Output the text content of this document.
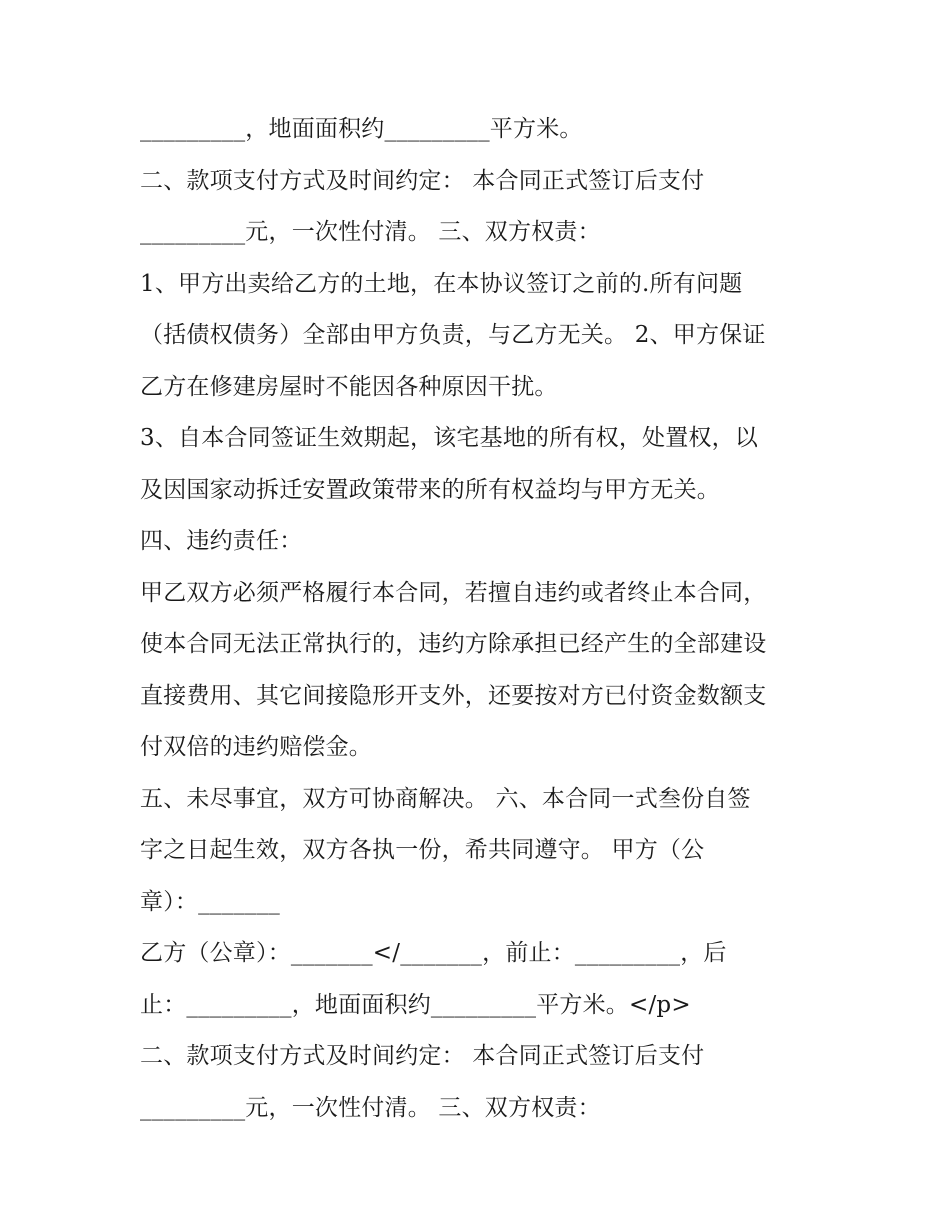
_________，地面面积约_________平方米。
二、款项支付方式及时间约定： 本合同正式签订后支付
_________元，一次性付清。 三、双方权责：
1、甲方出卖给乙方的土地，在本协议签订之前的.所有问题
（括债权债务）全部由甲方负责，与乙方无关。 2、甲方保证
乙方在修建房屋时不能因各种原因干扰。
3、自本合同签证生效期起，该宅基地的所有权，处置权，以
及因国家动拆迁安置政策带来的所有权益均与甲方无关。
四、违约责任：
甲乙双方必须严格履行本合同，若擅自违约或者终止本合同，
使本合同无法正常执行的，违约方除承担已经产生的全部建设
直接费用、其它间接隐形开支外，还要按对方已付资金数额支
付双倍的违约赔偿金。
五、未尽事宜，双方可协商解决。 六、本合同一式叁份自签
字之日起生效，双方各执一份，希共同遵守。 甲方（公
章）：_______
乙方（公章）：_______</_______，前止：_________，后
止：_________，地面面积约_________平方米。</p>
二、款项支付方式及时间约定： 本合同正式签订后支付
_________元，一次性付清。 三、双方权责：
